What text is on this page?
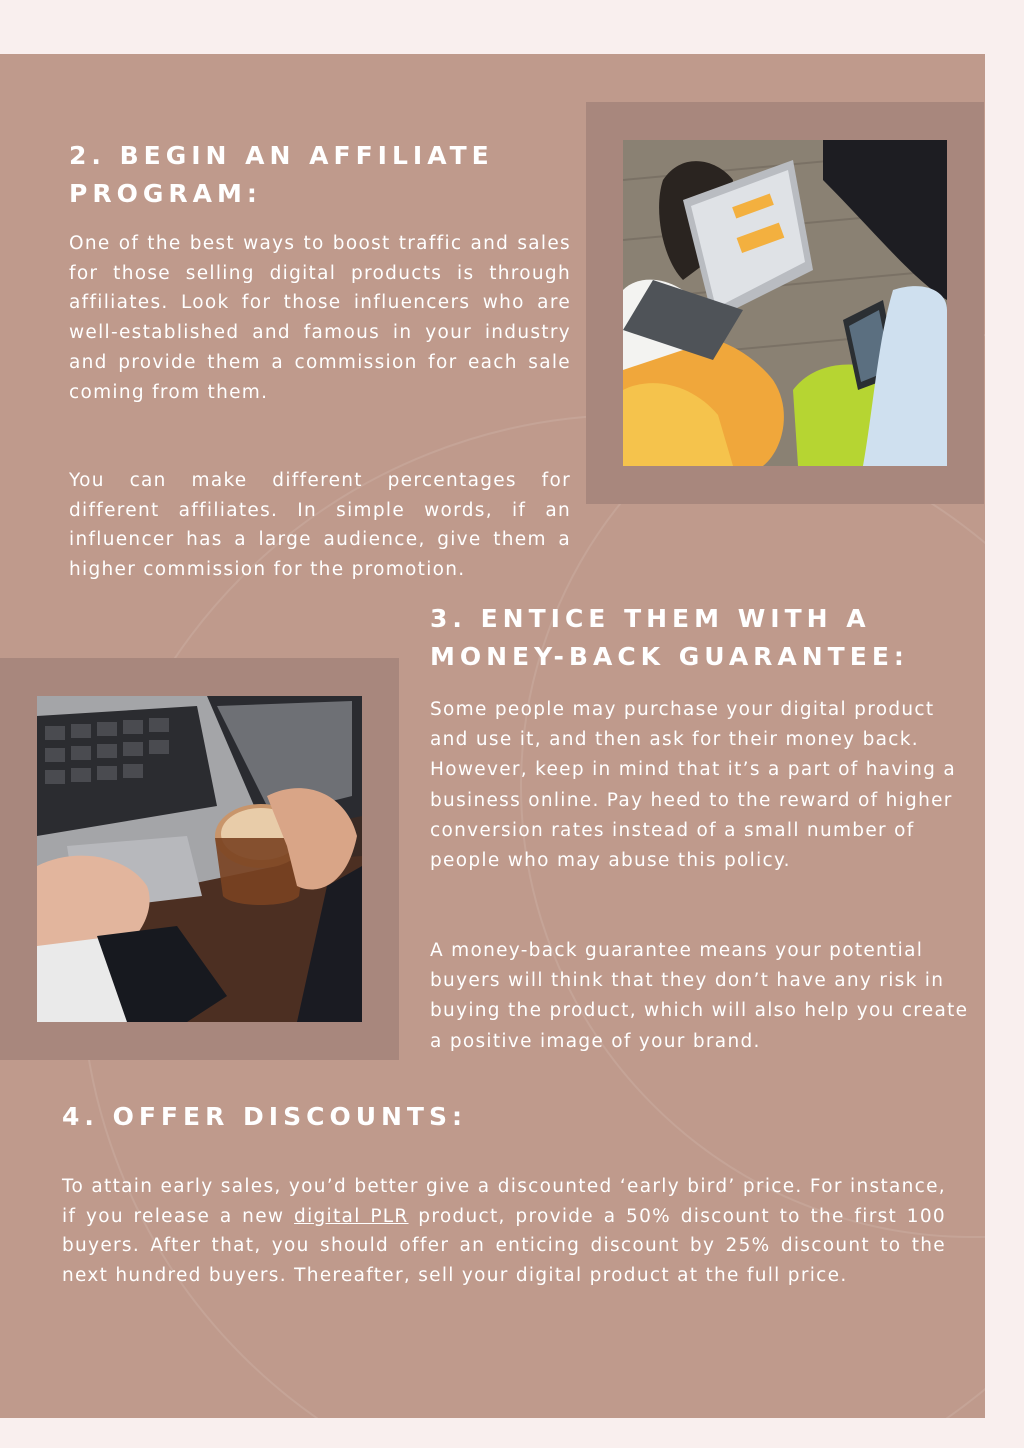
2. BEGIN AN AFFILIATE
PROGRAM:

One of the best ways to boost traffic and sales for those selling digital products is through affiliates. Look for those influencers who are well-established and famous in your industry and provide them a commission for each sale coming from them.

You can make different percentages for different affiliates. In simple words, if an influencer has a large audience, give them a higher commission for the promotion.

3. ENTICE THEM WITH A
MONEY-BACK GUARANTEE:

Some people may purchase your digital product and use it, and then ask for their money back. However, keep in mind that it’s a part of having a business online. Pay heed to the reward of higher conversion rates instead of a small number of people who may abuse this policy.

A money-back guarantee means your potential buyers will think that they don’t have any risk in buying the product, which will also help you create a positive image of your brand.

4. OFFER DISCOUNTS:

To attain early sales, you’d better give a discounted ‘early bird’ price. For instance, if you release a new digital PLR product, provide a 50% discount to the first 100 buyers. After that, you should offer an enticing discount by 25% discount to the next hundred buyers. Thereafter, sell your digital product at the full price.
